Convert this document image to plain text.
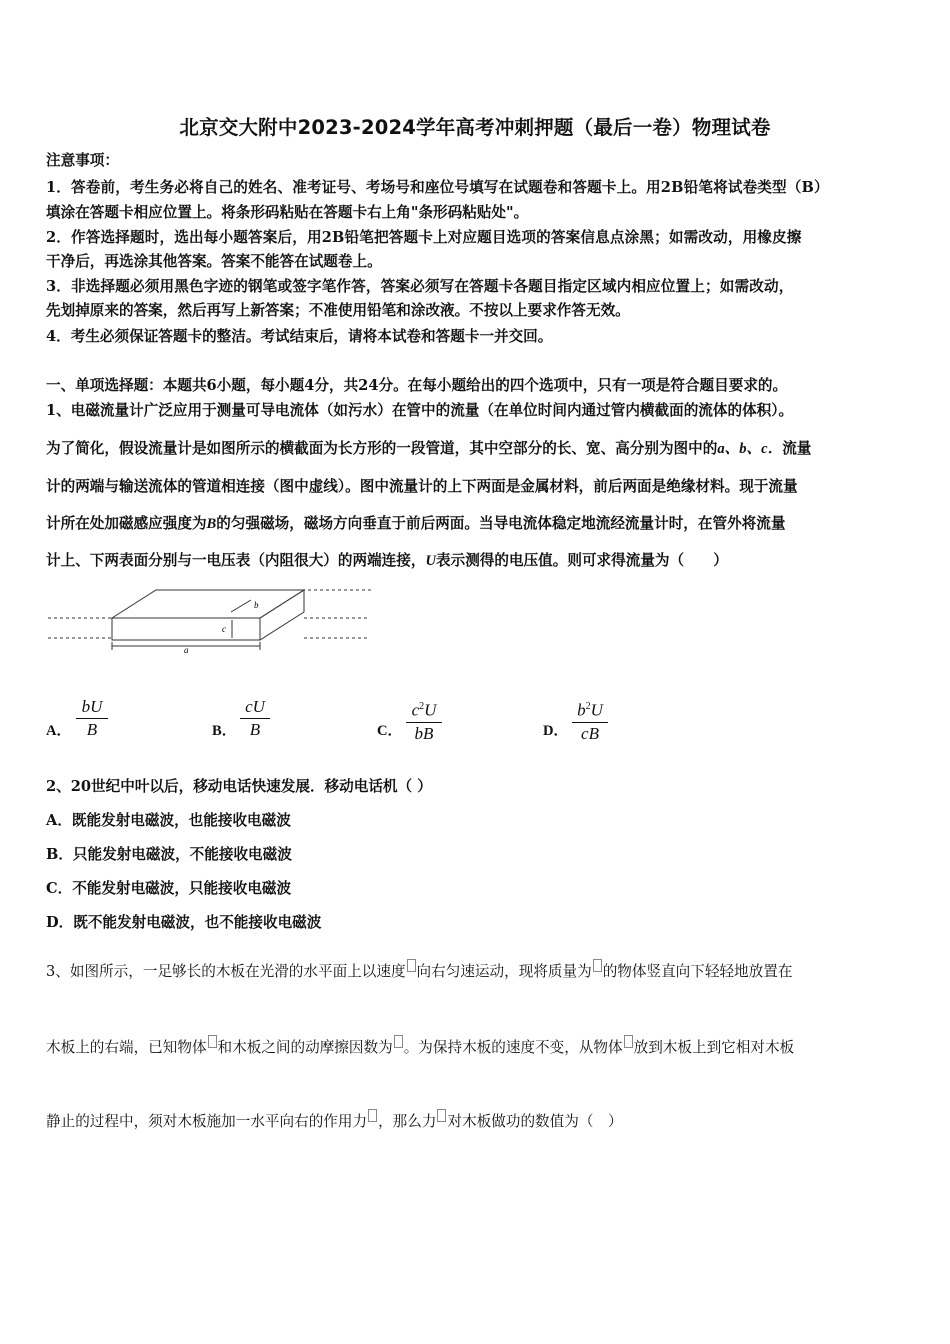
北京交大附中2023-2024学年高考冲刺押题（最后一卷）物理试卷
注意事项：
1．答卷前，考生务必将自己的姓名、准考证号、考场号和座位号填写在试题卷和答题卡上。用2B铅笔将试卷类型（B）
填涂在答题卡相应位置上。将条形码粘贴在答题卡右上角"条形码粘贴处"。
2．作答选择题时，选出每小题答案后，用2B铅笔把答题卡上对应题目选项的答案信息点涂黑；如需改动，用橡皮擦
干净后，再选涂其他答案。答案不能答在试题卷上。
3．非选择题必须用黑色字迹的钢笔或签字笔作答，答案必须写在答题卡各题目指定区域内相应位置上；如需改动，
先划掉原来的答案，然后再写上新答案；不准使用铅笔和涂改液。不按以上要求作答无效。
4．考生必须保证答题卡的整洁。考试结束后，请将本试卷和答题卡一并交回。
一、单项选择题：本题共6小题，每小题4分，共24分。在每小题给出的四个选项中，只有一项是符合题目要求的。
1、电磁流量计广泛应用于测量可导电流体（如污水）在管中的流量（在单位时间内通过管内横截面的流体的体积）。
为了简化，假设流量计是如图所示的横截面为长方形的一段管道，其中空部分的长、宽、高分别为图中的a、b、c．流量
计的两端与输送流体的管道相连接（图中虚线）。图中流量计的上下两面是金属材料，前后两面是绝缘材料。现于流量
计所在处加磁感应强度为B的匀强磁场，磁场方向垂直于前后两面。当导电流体稳定地流经流量计时，在管外将流量
计上、下两表面分别与一电压表（内阻很大）的两端连接，U表示测得的电压值。则可求得流量为（　　）
b
c
a
A． $\frac{bU}{B}$	B． $\frac{cU}{B}$	C． $\frac{c^2U}{bB}$	D． $\frac{b^2U}{cB}$
2、20世纪中叶以后，移动电话快速发展．移动电话机（ ）
A．既能发射电磁波，也能接收电磁波
B．只能发射电磁波，不能接收电磁波
C．不能发射电磁波，只能接收电磁波
D．既不能发射电磁波，也不能接收电磁波
3、如图所示，一足够长的木板在光滑的水平面上以速度 向右匀速运动，现将质量为 的物体竖直向下轻轻地放置在
木板上的右端，已知物体 和木板之间的动摩擦因数为 。为保持木板的速度不变，从物体 放到木板上到它相对木板
静止的过程中，须对木板施加一水平向右的作用力 ，那么力 对木板做功的数值为（　）
